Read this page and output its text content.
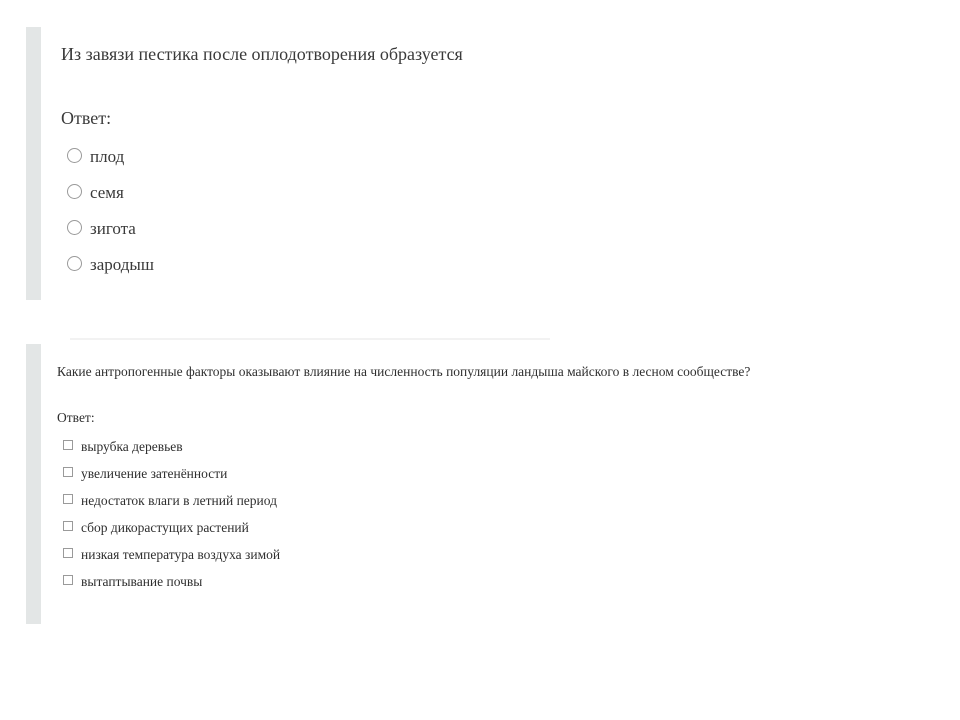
Из завязи пестика после оплодотворения образуется

Ответ:

плод
семя
зигота
зародыш

Какие антропогенные факторы оказывают влияние на численность популяции ландыша майского в лесном сообществе?

Ответ:

вырубка деревьев
увеличение затенённости
недостаток влаги в летний период
сбор дикорастущих растений
низкая температура воздуха зимой
вытаптывание почвы
